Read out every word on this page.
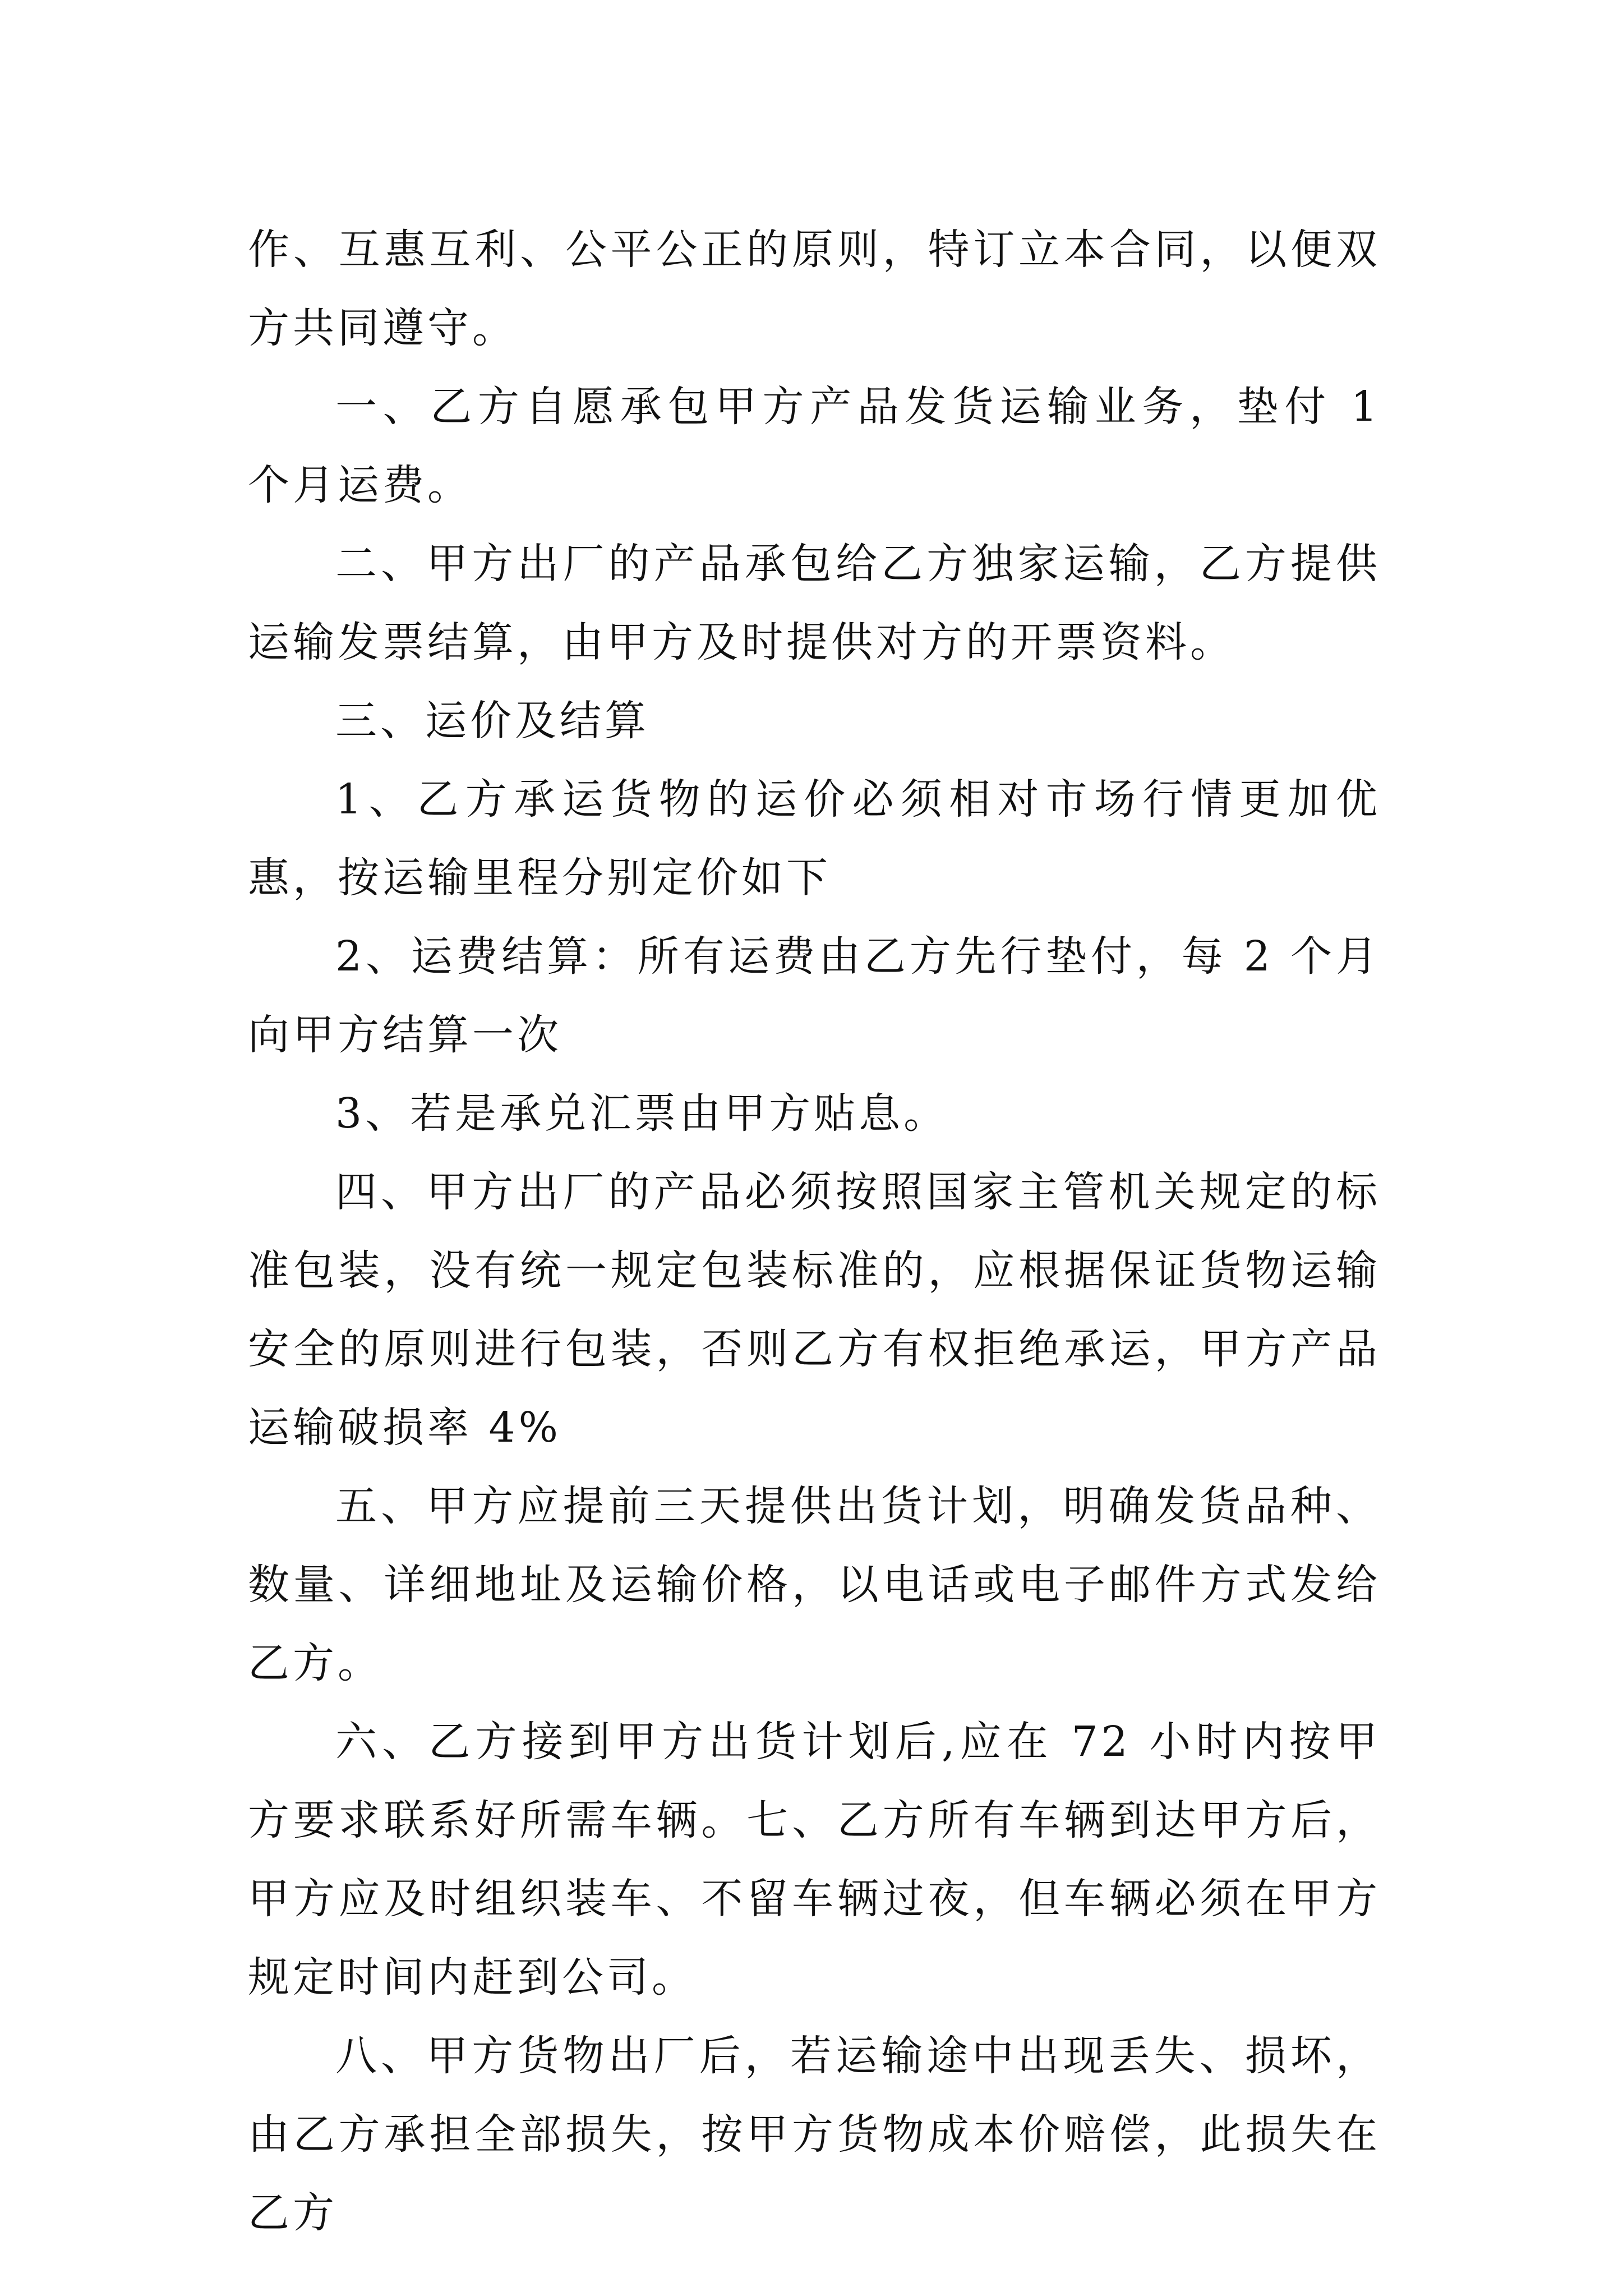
作、互惠互利、公平公正的原则，特订立本合同，以便双方共同遵守。

一、乙方自愿承包甲方产品发货运输业务，垫付 1 个月运费。

二、甲方出厂的产品承包给乙方独家运输，乙方提供运输发票结算，由甲方及时提供对方的开票资料。

三、运价及结算

1、乙方承运货物的运价必须相对市场行情更加优惠，按运输里程分别定价如下

2、运费结算：所有运费由乙方先行垫付，每 2 个月向甲方结算一次

3、若是承兑汇票由甲方贴息。

四、甲方出厂的产品必须按照国家主管机关规定的标准包装，没有统一规定包装标准的，应根据保证货物运输安全的原则进行包装，否则乙方有权拒绝承运，甲方产品运输破损率 4%

五、甲方应提前三天提供出货计划，明确发货品种、数量、详细地址及运输价格，以电话或电子邮件方式发给乙方。

六、乙方接到甲方出货计划后,应在 72 小时内按甲方要求联系好所需车辆。七、乙方所有车辆到达甲方后，甲方应及时组织装车、不留车辆过夜，但车辆必须在甲方规定时间内赶到公司。

八、甲方货物出厂后，若运输途中出现丢失、损坏，由乙方承担全部损失，按甲方货物成本价赔偿，此损失在乙方
